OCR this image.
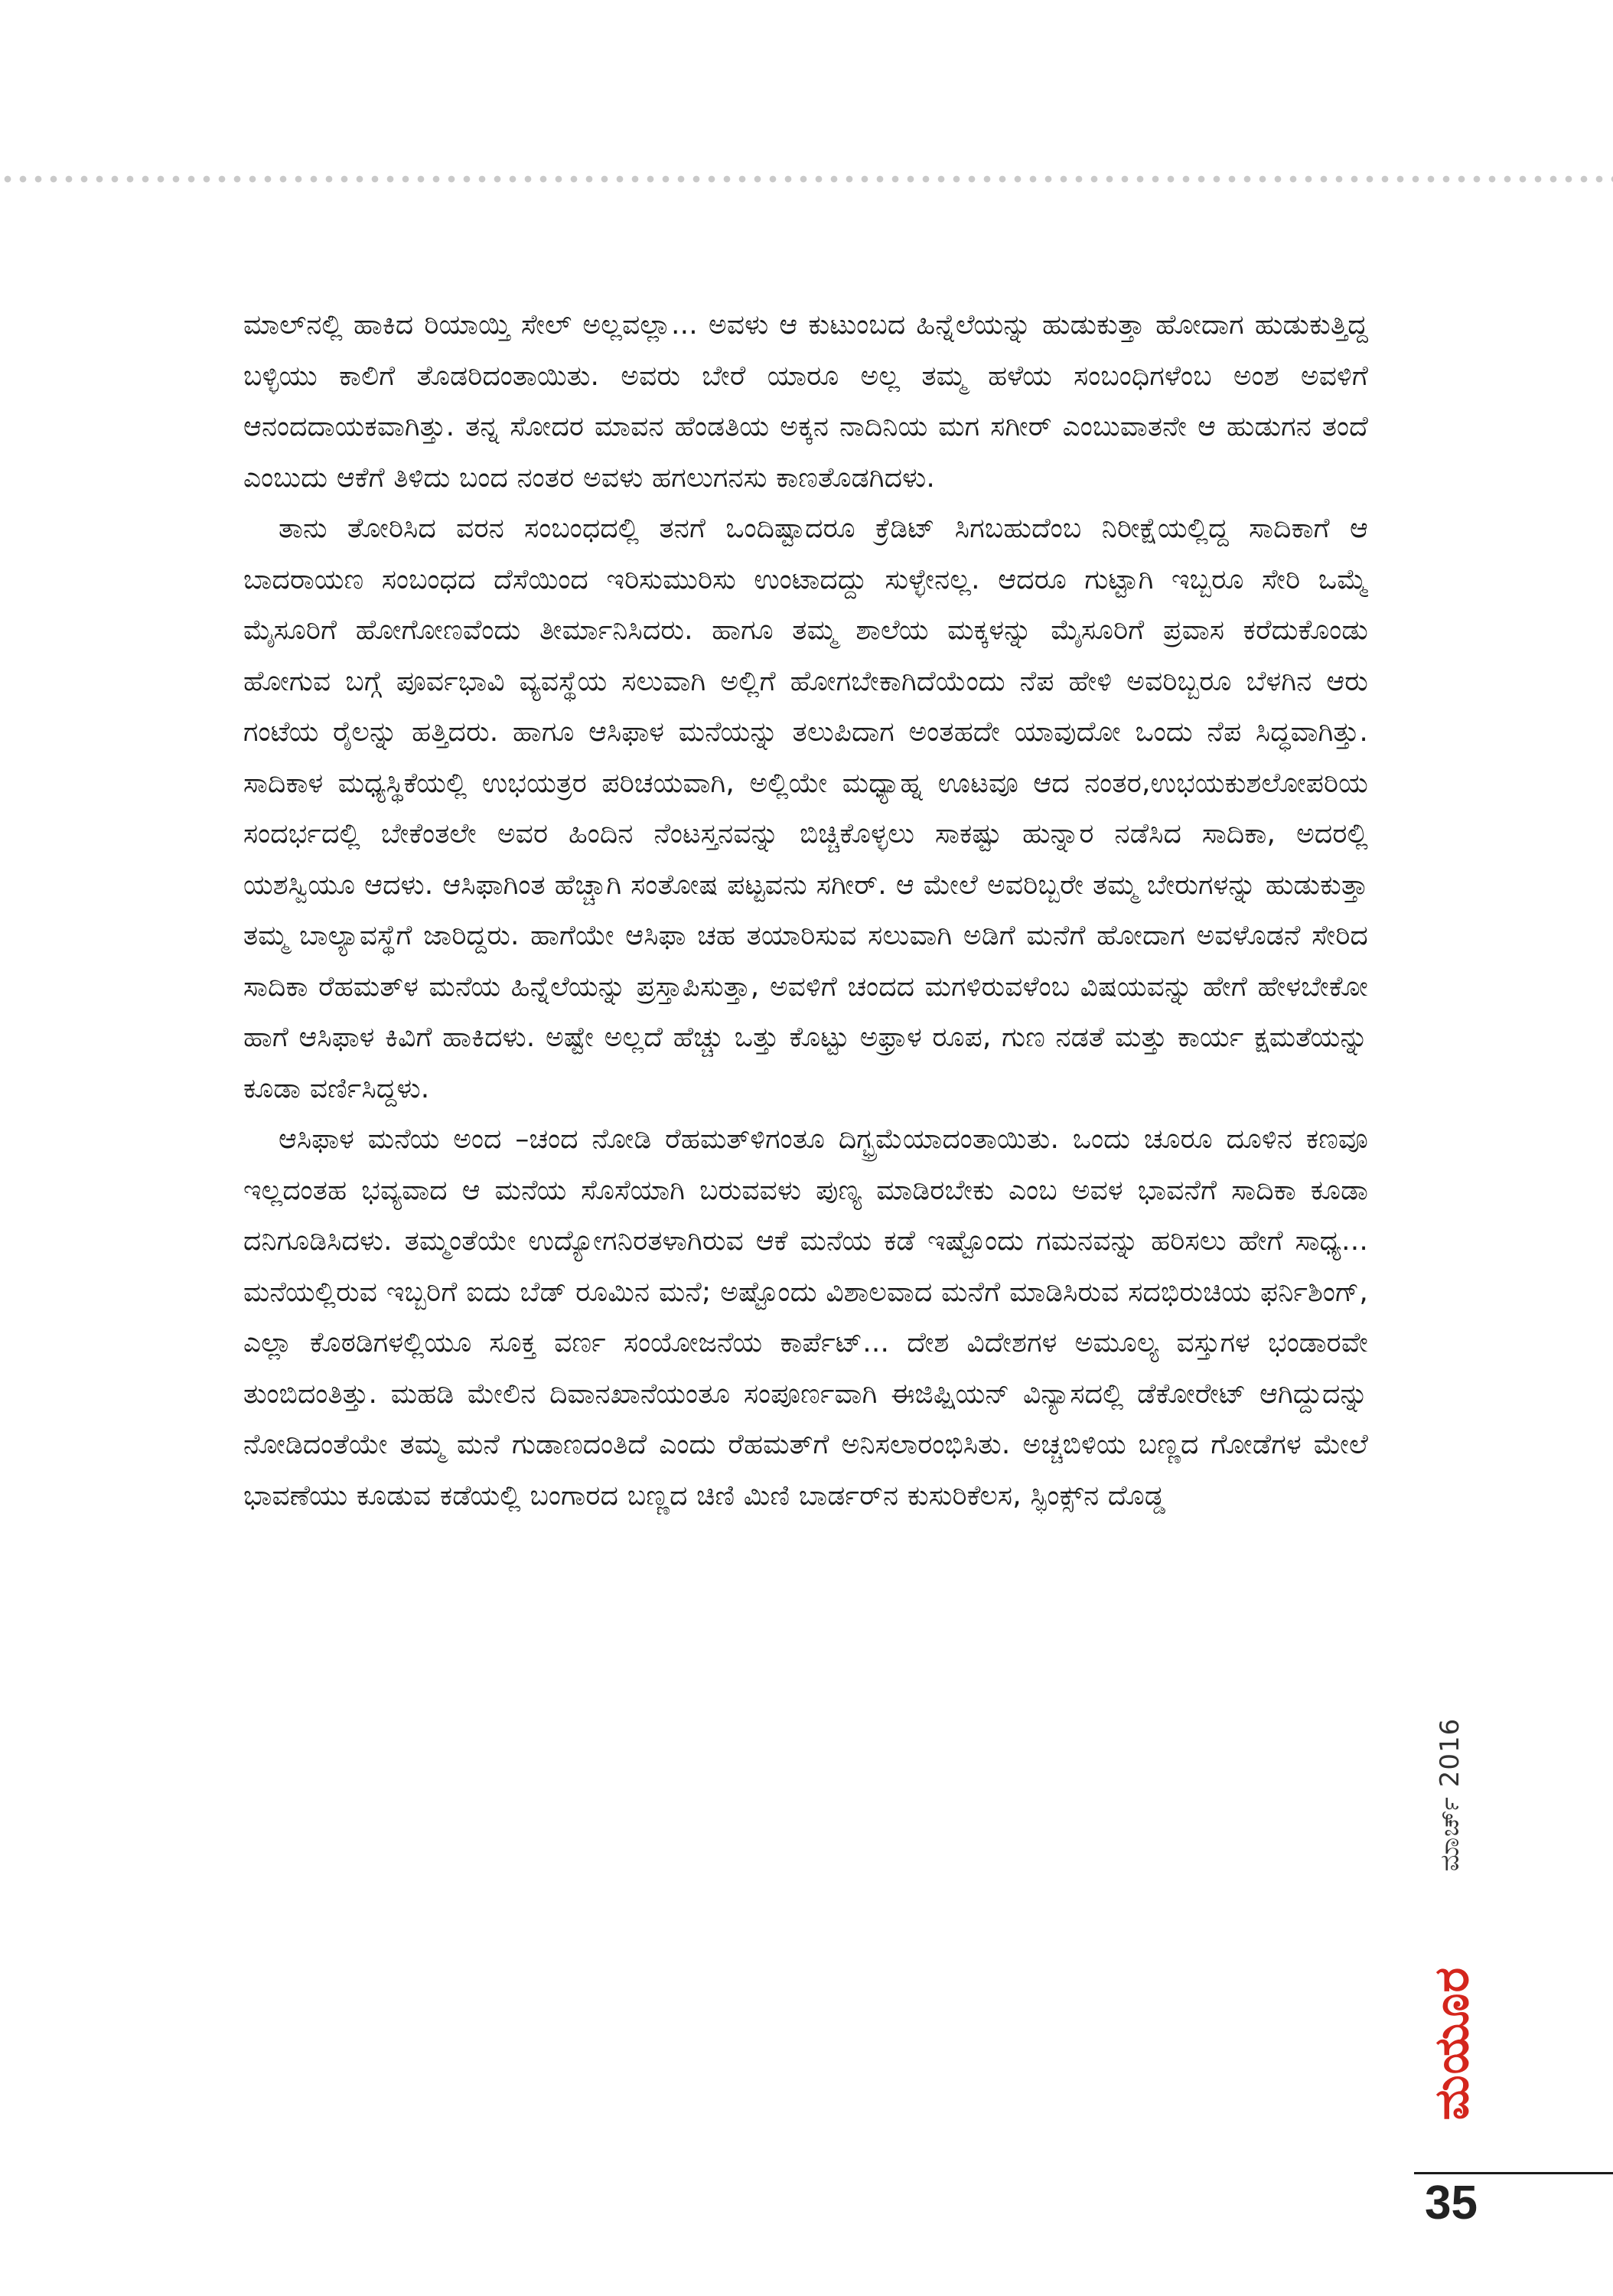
ಮಾಲ್‌ನಲ್ಲಿ ಹಾಕಿದ ರಿಯಾಯ್ತಿ ಸೇಲ್ ಅಲ್ಲವಲ್ಲಾ... ಅವಳು ಆ ಕುಟುಂಬದ ಹಿನ್ನೆಲೆಯನ್ನು ಹುಡುಕುತ್ತಾ ಹೋದಾಗ ಹುಡುಕುತ್ತಿದ್ದ ಬಳ್ಳಿಯು ಕಾಲಿಗೆ ತೊಡರಿದಂತಾಯಿತು. ಅವರು ಬೇರೆ ಯಾರೂ ಅಲ್ಲ ತಮ್ಮ ಹಳೆಯ ಸಂಬಂಧಿಗಳೆಂಬ ಅಂಶ ಅವಳಿಗೆ ಆನಂದದಾಯಕವಾಗಿತ್ತು. ತನ್ನ ಸೋದರ ಮಾವನ ಹೆಂಡತಿಯ ಅಕ್ಕನ ನಾದಿನಿಯ ಮಗ ಸಗೀರ್ ಎಂಬುವಾತನೇ ಆ ಹುಡುಗನ ತಂದೆ ಎಂಬುದು ಆಕೆಗೆ ತಿಳಿದು ಬಂದ ನಂತರ ಅವಳು ಹಗಲುಗನಸು ಕಾಣತೊಡಗಿದಳು.

ತಾನು ತೋರಿಸಿದ ವರನ ಸಂಬಂಧದಲ್ಲಿ ತನಗೆ ಒಂದಿಷ್ಟಾದರೂ ಕ್ರೆಡಿಟ್ ಸಿಗಬಹುದೆಂಬ ನಿರೀಕ್ಷೆಯಲ್ಲಿದ್ದ ಸಾದಿಕಾಗೆ ಆ ಬಾದರಾಯಣ ಸಂಬಂಧದ ದೆಸೆಯಿಂದ ಇರಿಸುಮುರಿಸು ಉಂಟಾದದ್ದು ಸುಳ್ಳೇನಲ್ಲ. ಆದರೂ ಗುಟ್ಟಾಗಿ ಇಬ್ಬರೂ ಸೇರಿ ಒಮ್ಮೆ ಮೈಸೂರಿಗೆ ಹೋಗೋಣವೆಂದು ತೀರ್ಮಾನಿಸಿದರು. ಹಾಗೂ ತಮ್ಮ ಶಾಲೆಯ ಮಕ್ಕಳನ್ನು ಮೈಸೂರಿಗೆ ಪ್ರವಾಸ ಕರೆದುಕೊಂಡು ಹೋಗುವ ಬಗ್ಗೆ ಪೂರ್ವಭಾವಿ ವ್ಯವಸ್ಥೆಯ ಸಲುವಾಗಿ ಅಲ್ಲಿಗೆ ಹೋಗಬೇಕಾಗಿದೆಯೆಂದು ನೆಪ ಹೇಳಿ ಅವರಿಬ್ಬರೂ ಬೆಳಗಿನ ಆರು ಗಂಟೆಯ ರೈಲನ್ನು ಹತ್ತಿದರು. ಹಾಗೂ ಆಸಿಫಾಳ ಮನೆಯನ್ನು ತಲುಪಿದಾಗ ಅಂತಹದೇ ಯಾವುದೋ ಒಂದು ನೆಪ ಸಿದ್ಧವಾಗಿತ್ತು. ಸಾದಿಕಾಳ ಮಧ್ಯಸ್ಥಿಕೆಯಲ್ಲಿ ಉಭಯತ್ರರ ಪರಿಚಯವಾಗಿ, ಅಲ್ಲಿಯೇ ಮಧ್ಯಾಹ್ನ ಊಟವೂ ಆದ ನಂತರ,ಉಭಯಕುಶಲೋಪರಿಯ ಸಂದರ್ಭದಲ್ಲಿ ಬೇಕೆಂತಲೇ ಅವರ ಹಿಂದಿನ ನೆಂಟಸ್ತನವನ್ನು ಬಿಚ್ಚಿಕೊಳ್ಳಲು ಸಾಕಷ್ಟು ಹುನ್ನಾರ ನಡೆಸಿದ ಸಾದಿಕಾ, ಅದರಲ್ಲಿ ಯಶಸ್ವಿಯೂ ಆದಳು. ಆಸಿಫಾಗಿಂತ ಹೆಚ್ಚಾಗಿ ಸಂತೋಷ ಪಟ್ಟವನು ಸಗೀರ್. ಆ ಮೇಲೆ ಅವರಿಬ್ಬರೇ ತಮ್ಮ ಬೇರುಗಳನ್ನು ಹುಡುಕುತ್ತಾ ತಮ್ಮ ಬಾಲ್ಯಾವಸ್ಥೆಗೆ ಜಾರಿದ್ದರು. ಹಾಗೆಯೇ ಆಸಿಫಾ ಚಹ ತಯಾರಿಸುವ ಸಲುವಾಗಿ ಅಡಿಗೆ ಮನೆಗೆ ಹೋದಾಗ ಅವಳೊಡನೆ ಸೇರಿದ ಸಾದಿಕಾ ರೆಹಮತ್‌ಳ ಮನೆಯ ಹಿನ್ನೆಲೆಯನ್ನು ಪ್ರಸ್ತಾಪಿಸುತ್ತಾ, ಅವಳಿಗೆ ಚಂದದ ಮಗಳಿರುವಳೆಂಬ ವಿಷಯವನ್ನು ಹೇಗೆ ಹೇಳಬೇಕೋ ಹಾಗೆ ಆಸಿಫಾಳ ಕಿವಿಗೆ ಹಾಕಿದಳು. ಅಷ್ಟೇ ಅಲ್ಲದೆ ಹೆಚ್ಚು ಒತ್ತು ಕೊಟ್ಟು ಅಫ್ರಾಳ ರೂಪ, ಗುಣ ನಡತೆ ಮತ್ತು ಕಾರ್ಯ ಕ್ಷಮತೆಯನ್ನು ಕೂಡಾ ವರ್ಣಿಸಿದ್ದಳು.

ಆಸಿಫಾಳ ಮನೆಯ ಅಂದ –ಚಂದ ನೋಡಿ ರೆಹಮತ್‌ಳಿಗಂತೂ ದಿಗ್ಭ್ರಮೆಯಾದಂತಾಯಿತು. ಒಂದು ಚೂರೂ ದೂಳಿನ ಕಣವೂ ಇಲ್ಲದಂತಹ ಭವ್ಯವಾದ ಆ ಮನೆಯ ಸೊಸೆಯಾಗಿ ಬರುವವಳು ಪುಣ್ಯ ಮಾಡಿರಬೇಕು ಎಂಬ ಅವಳ ಭಾವನೆಗೆ ಸಾದಿಕಾ ಕೂಡಾ ದನಿಗೂಡಿಸಿದಳು. ತಮ್ಮಂತೆಯೇ ಉದ್ಯೋಗನಿರತಳಾಗಿರುವ ಆಕೆ ಮನೆಯ ಕಡೆ ಇಷ್ಟೊಂದು ಗಮನವನ್ನು ಹರಿಸಲು ಹೇಗೆ ಸಾಧ್ಯ... ಮನೆಯಲ್ಲಿರುವ ಇಬ್ಬರಿಗೆ ಐದು ಬೆಡ್ ರೂಮಿನ ಮನೆ; ಅಷ್ಟೊಂದು ವಿಶಾಲವಾದ ಮನೆಗೆ ಮಾಡಿಸಿರುವ ಸದಭಿರುಚಿಯ ಫರ್ನಿಶಿಂಗ್, ಎಲ್ಲಾ ಕೊಠಡಿಗಳಲ್ಲಿಯೂ ಸೂಕ್ತ ವರ್ಣ ಸಂಯೋಜನೆಯ ಕಾರ್ಪೆಟ್... ದೇಶ ವಿದೇಶಗಳ ಅಮೂಲ್ಯ ವಸ್ತುಗಳ ಭಂಡಾರವೇ ತುಂಬಿದಂತಿತ್ತು. ಮಹಡಿ ಮೇಲಿನ ದಿವಾನಖಾನೆಯಂತೂ ಸಂಪೂರ್ಣವಾಗಿ ಈಜಿಪ್ಷಿಯನ್ ವಿನ್ಯಾಸದಲ್ಲಿ ಡೆಕೋರೇಟ್ ಆಗಿದ್ದುದನ್ನು ನೋಡಿದಂತೆಯೇ ತಮ್ಮ ಮನೆ ಗುಡಾಣದಂತಿದೆ ಎಂದು ರೆಹಮತ್‌ಗೆ ಅನಿಸಲಾರಂಭಿಸಿತು. ಅಚ್ಚಬಿಳಿಯ ಬಣ್ಣದ ಗೋಡೆಗಳ ಮೇಲೆ ಭಾವಣೆಯು ಕೂಡುವ ಕಡೆಯಲ್ಲಿ ಬಂಗಾರದ ಬಣ್ಣದ ಚಿಣಿ ಮಿಣಿ ಬಾರ್ಡರ್‌ನ ಕುಸುರಿಕೆಲಸ, ಸ್ಫಿಂಕ್ಸ್‌ನ ದೊಡ್ಡ

ಮಾರ್ಚ್ 2016
ಮಯೂರ
35
